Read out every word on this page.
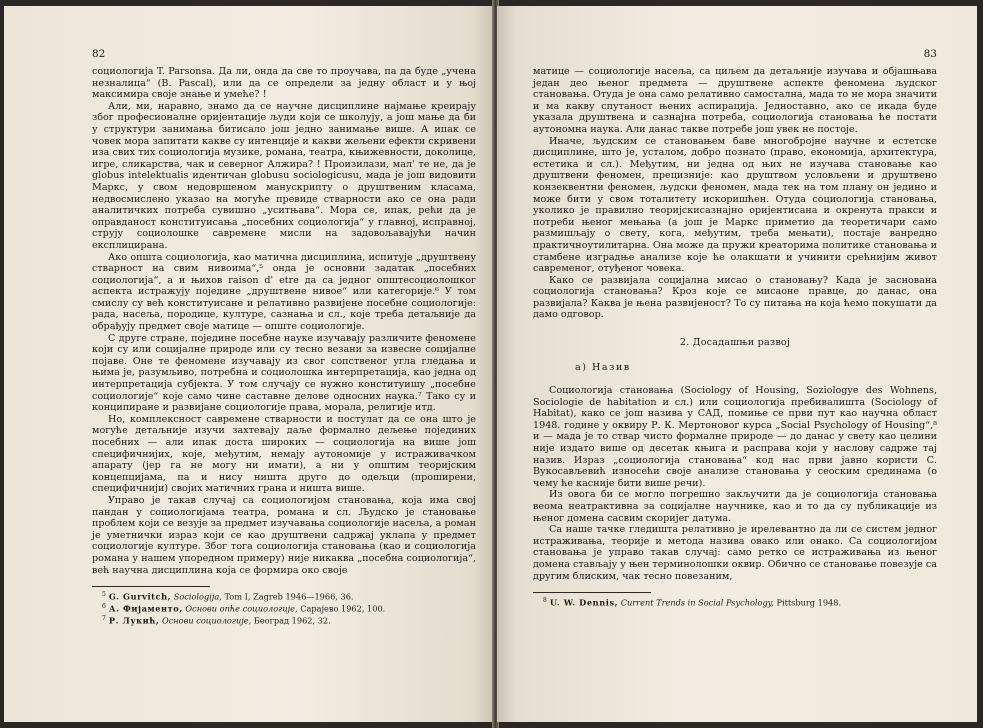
82

социологија T. Parsonsa. Да ли, онда да све то проучава, па да буде „учена незналица“ (B. Pascal), или да се определи за једну област и у њој максимира своје знање и умеће? !

Али, ми, наравно, знамо да се научне дисциплине најмање креирају због професионалне оријентације људи који се школују, а још мање да би у структури занимања битисало још једно занимање више. А ипак се човек мора запитати какве су интенције и какви жељени ефекти скривени иза свих тих социологија музике, романа, театра, књижевности, доколице, игре, сликарства, чак и северног Алжира? ! Произилази, мал' те не, да је globus intelektualis идентичан globusu sociologicusu, мада је још видовити Маркс, у свом недовршеном манускрипту о друштвеним класама, недвосмислено указао на могуће превиде стварности ако се она ради аналитичких потреба сувишно „уситњава“. Мора се, ипак, рећи да је оправданост конституисања „посебних социологија“ у главној, исправној, струју социолошке савремене мисли на задовољавајући начин експлицирана.

Ако општа социологија, као матична дисциплина, испитује „друштвену стварност на свим нивоима“,⁵ онда је основни задатак „посебних социологија“, а и њихов raison d' etre да са једног општесоциолошког аспекта истражују поједине „друштвене нивое“ или категорије.⁶ У том смислу су већ конституисане и релативно развијене посебне социологије: рада, насеља, породице, културе, сазнања и сл., које треба детаљније да обрађују предмет своје матице — опште социологије.

С друге стране, поједине посебне науке изучавају различите феномене који су или социјалне природе или су тесно везани за извесне социјалне појаве. Оне те феномене изучавају из свог сопственог угла гледања и њима је, разумљиво, потребна и социолошка интерпретација, као једна од интерпретација субјекта. У том случају се нужно конституишу „посебне социологије“ које само чине саставне делове односних наука.⁷ Тако су и конципиране и развијане социологије права, морала, религије итд.

Но, комплексност савремене стварности и постулат да се она што је могуће детаљније изучи захтевају даље формално дељење појединих посебних — али ипак доста широких — социологија на више још специфичнијих, које, међутим, немају аутономије у истраживачком апарату (јер га не могу ни имати), а ни у општим теоријским концепцијама, па и нису ништа друго до одељци (проширени, специфичнији) својих матичних грана и ништа више.

Управо је такав случај са социологијом становања, која има свој пандан у социологијама театра, романа и сл. Људско је становање проблем који се везује за предмет изучавања социологије насеља, а роман је уметнички израз који се као друштвени садржај уклапа у предмет социологије културе. Због тога социологија становања (као и социологија романа у нашем упоредном примеру) није никаква „посебна социологија“, већ научна дисциплина која се формира око своје

$^5$ G. Gurvitch, Sociologija, Tom I, Zagreb 1946—1966, 36.

$^6$ А. Фијаменто, Основи опће социологије, Сарајево 1962, 100.

$^7$ Р. Лукић, Основи социологије, Београд 1962, 32.

83

матице — социологије насеља, са циљем да детаљније изучава и објашњава један део њеног предмета — друштвене аспекте феномена људског становања. Отуда је она само релативно самостална, мада то не мора значити и ма какву спутаност њених аспирација. Једноставно, ако се икада буде указала друштвена и сазнајна потреба, социологија становања ће постати аутономна наука. Али данас такве потребе још увек не постоје.

Иначе, људским се становањем баве многобројне научне и естетске дисциплине, што је, усталом, добро познато (право, економија, архитектура, естетика и сл.). Међутим, ни једна од њих не изучава становање као друштвени феномен, прецизније: као друштвом условљени и друштвено конзеквентни феномен, људски феномен, мада тек на том плану он једино и може бити у свом тоталитету искоришћен. Отуда социологија становања, уколико је правилно теоријскисазнајно оријентисана и окренута пракси и потреби њеног мењања (а још је Маркс приметио да теоретичари само размишљају о свету, кога, међутим, треба мењати), постаје ванредно практичноутилитарна. Она може да пружи креаторима политике становања и стамбене изградње анализе које ће олакшати и учинити срећнијим живот савременог, отуђеног човека.

Како се развијала социјална мисао о становању? Када је заснована социологија становања? Кроз које се мисаоне правце, до данас, она развијала? Каква је њена развијеност? То су питања на која ћемо покушати да дамо одговор.

2. Досадашњи развој
а) Назив

Социологија становања (Sociology of Housing, Soziologye des Wohnens, Sociologie de habitation и сл.) или социологија пребивалишта (Sociology of Habitat), како се још назива у САД, помиње се први пут као научна област 1948. године у оквиру Р. К. Мертоновог курса „Social Psychology of Housing“,⁸ и — мада је то ствар чисто формалне природе — до данас у свету као целини није издато више од десетак књига и расправа који у наслову садрже тај назив. Израз „социологија становања“ код нас први јавно користи С. Вукосављевић износећи своје анализе становања у сеоским срединама (о чему ће касније бити више речи).

Из овога би се могло погрешно закључити да је социологија становања веома неатрактивна за социјалне научнике, као и то да су публикације из њеног домена сасвим скоријег датума.

Са наше тачке гледишта релативно је ирелевантно да ли се систем једног истраживања, теорије и метода назива овако или онако. Са социологијом становања је управо такав случај: само ретко се истраживања из њеног домена стављају у њен терминолошки оквир. Обично се становање повезује са другим блиским, чак тесно повезаним,

$^8$ U. W. Dennis, Current Trends in Social Psychology, Pittsburg 1948.
